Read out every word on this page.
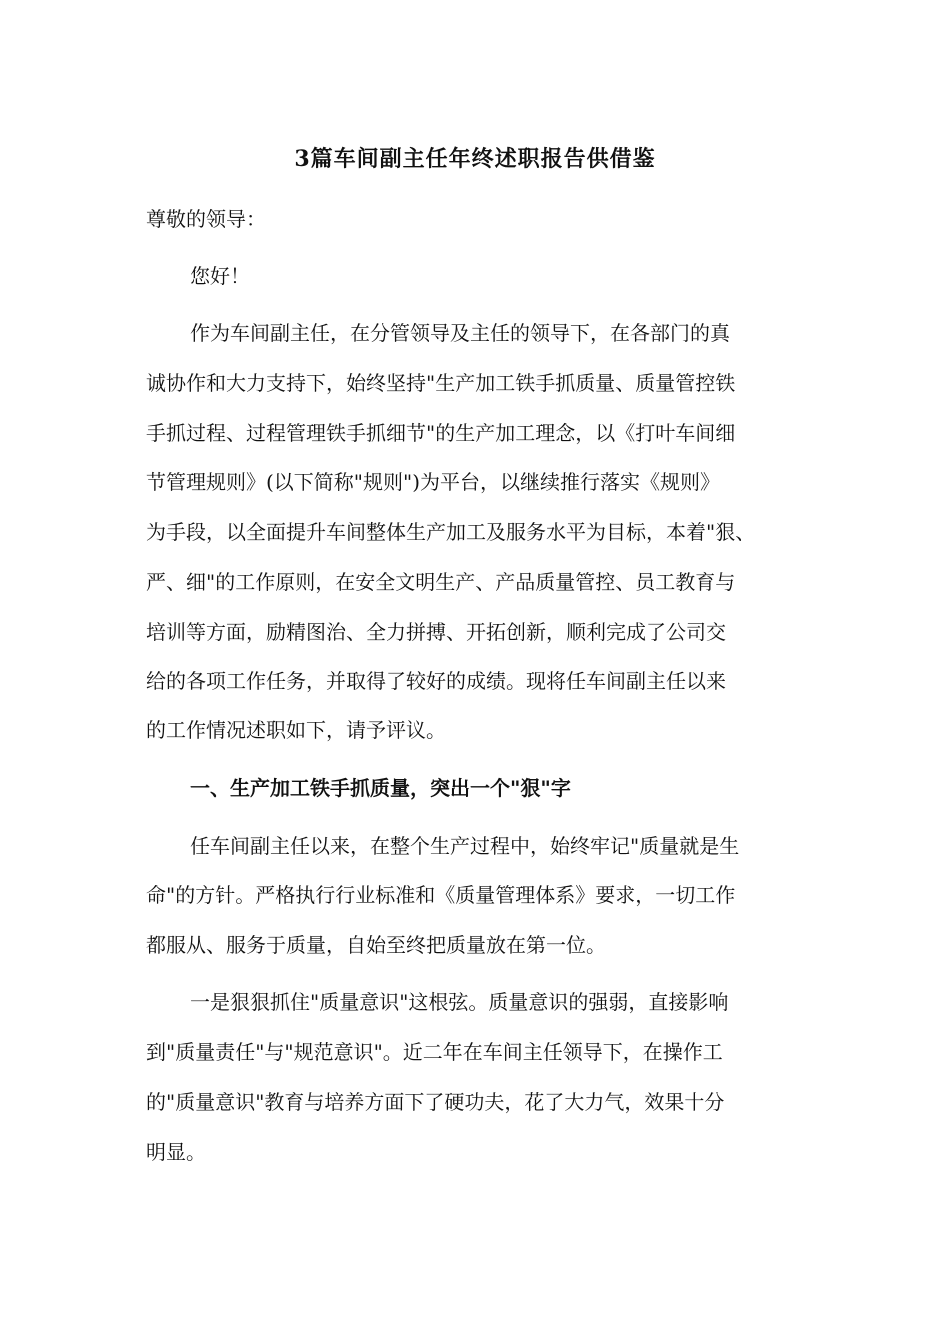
3篇车间副主任年终述职报告供借鉴
尊敬的领导：
您好！
作为车间副主任，在分管领导及主任的领导下，在各部门的真
诚协作和大力支持下，始终坚持"生产加工铁手抓质量、质量管控铁
手抓过程、过程管理铁手抓细节"的生产加工理念，以《打叶车间细
节管理规则》(以下简称"规则")为平台，以继续推行落实《规则》
为手段，以全面提升车间整体生产加工及服务水平为目标，本着"狠、
严、细"的工作原则，在安全文明生产、产品质量管控、员工教育与
培训等方面，励精图治、全力拼搏、开拓创新，顺利完成了公司交
给的各项工作任务，并取得了较好的成绩。现将任车间副主任以来
的工作情况述职如下，请予评议。
一、生产加工铁手抓质量，突出一个"狠"字
任车间副主任以来，在整个生产过程中，始终牢记"质量就是生
命"的方针。严格执行行业标准和《质量管理体系》要求，一切工作
都服从、服务于质量，自始至终把质量放在第一位。
一是狠狠抓住"质量意识"这根弦。质量意识的强弱，直接影响
到"质量责任"与"规范意识"。近二年在车间主任领导下，在操作工
的"质量意识"教育与培养方面下了硬功夫，花了大力气，效果十分
明显。
